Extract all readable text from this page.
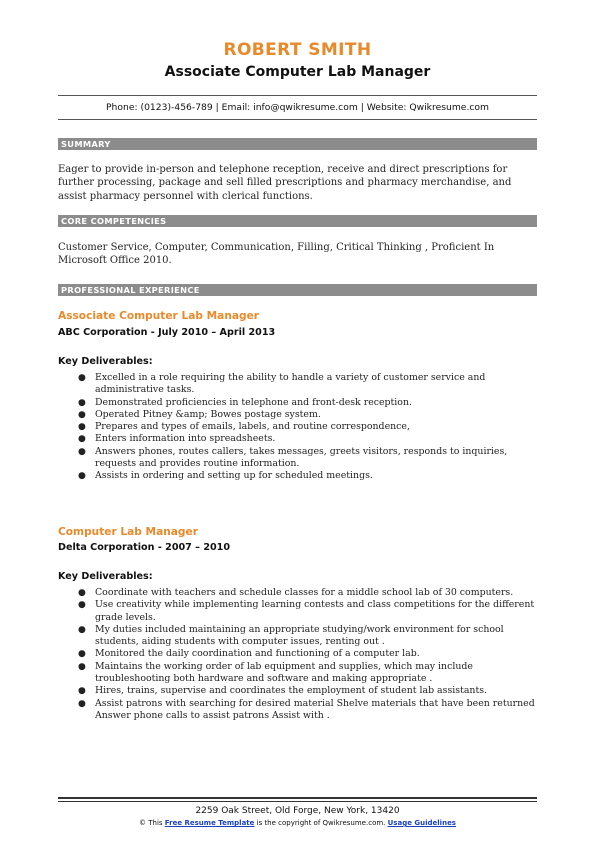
ROBERT SMITH
Associate Computer Lab Manager
Phone: (0123)-456-789 | Email: info@qwikresume.com | Website: Qwikresume.com
SUMMARY
Eager to provide in-person and telephone reception, receive and direct prescriptions for further processing, package and sell filled prescriptions and pharmacy merchandise, and assist pharmacy personnel with clerical functions.
CORE COMPETENCIES
Customer Service, Computer, Communication, Filling, Critical Thinking , Proficient In Microsoft Office 2010.
PROFESSIONAL EXPERIENCE
Associate Computer Lab Manager
ABC Corporation - July 2010 – April 2013
Key Deliverables:
● Excelled in a role requiring the ability to handle a variety of customer service and administrative tasks.
● Demonstrated proficiencies in telephone and front-desk reception.
● Operated Pitney &amp; Bowes postage system.
● Prepares and types of emails, labels, and routine correspondence,
● Enters information into spreadsheets.
● Answers phones, routes callers, takes messages, greets visitors, responds to inquiries, requests and provides routine information.
● Assists in ordering and setting up for scheduled meetings.
Computer Lab Manager
Delta Corporation - 2007 – 2010
Key Deliverables:
● Coordinate with teachers and schedule classes for a middle school lab of 30 computers.
● Use creativity while implementing learning contests and class competitions for the different grade levels.
● My duties included maintaining an appropriate studying/work environment for school students, aiding students with computer issues, renting out .
● Monitored the daily coordination and functioning of a computer lab.
● Maintains the working order of lab equipment and supplies, which may include troubleshooting both hardware and software and making appropriate .
● Hires, trains, supervise and coordinates the employment of student lab assistants.
● Assist patrons with searching for desired material Shelve materials that have been returned Answer phone calls to assist patrons Assist with .
2259 Oak Street, Old Forge, New York, 13420
© This Free Resume Template is the copyright of Qwikresume.com. Usage Guidelines
